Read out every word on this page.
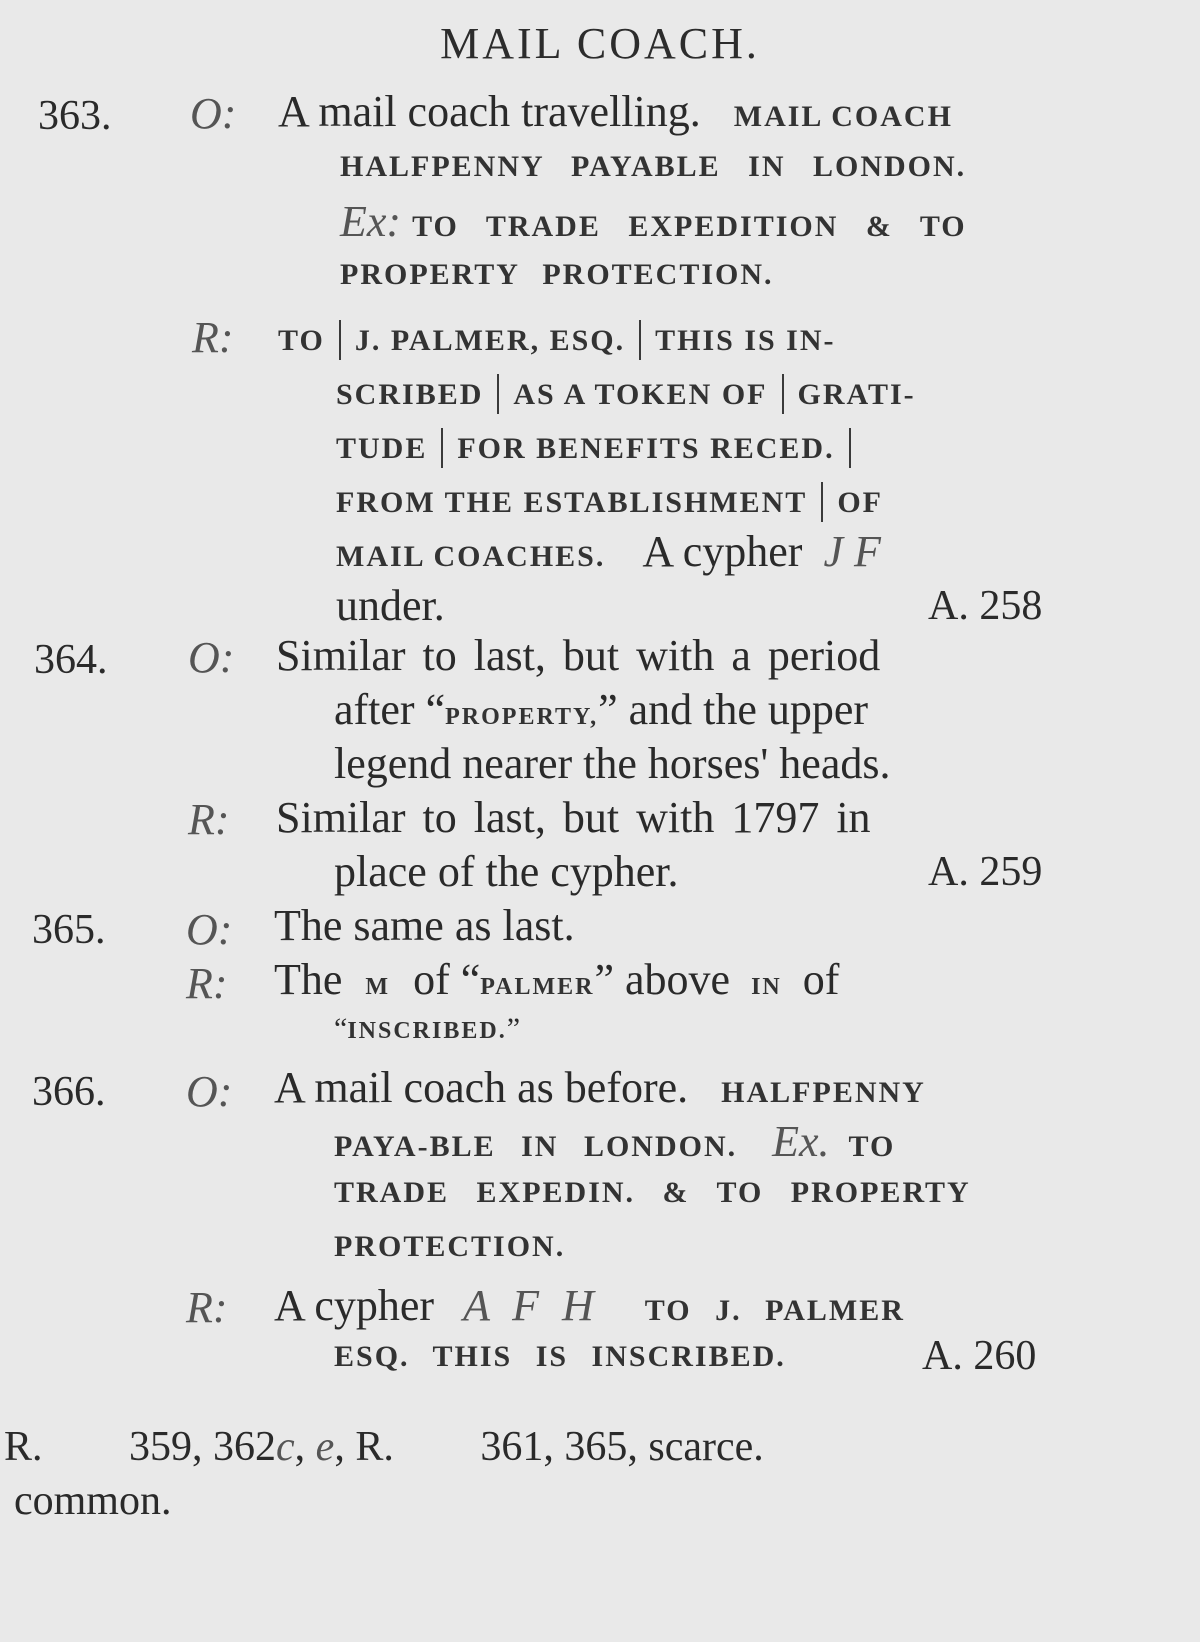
MAIL COACH.
363. O: A mail coach travelling. MAIL COACH
HALFPENNY PAYABLE IN LONDON.
Ex: TO TRADE EXPEDITION & TO
PROPERTY PROTECTION.
R: TO J. PALMER, ESQ. THIS IS IN-
SCRIBED AS A TOKEN OF GRATI-
TUDE FOR BENEFITS RECED.
FROM THE ESTABLISHMENT OF
MAIL COACHES. A cypher J F
under.	A. 258
364. O: Similar to last, but with a period
after “PROPERTY,” and the upper
legend nearer the horses' heads.
R: Similar to last, but with 1797 in
place of the cypher.	A. 259
365. O: The same as last.
R: The M of “PALMER” above IN of
“INSCRIBED.”
366. O: A mail coach as before. HALFPENNY
PAYA-BLE IN LONDON. Ex. TO
TRADE EXPEDIN. & TO PROPERTY
PROTECTION.
R: A cypher A F H TO J. PALMER
ESQ. THIS IS INSCRIBED.	A. 260
R. 359, 362c, e, R. 361, 365, scarce.
common.
